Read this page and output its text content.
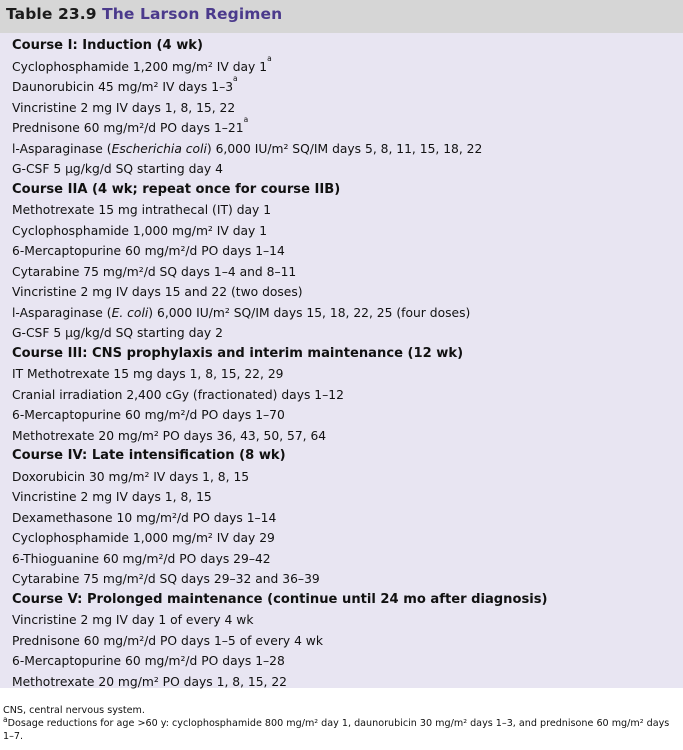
Table 23.9 The Larson Regimen
Course I: Induction (4 wk)
Cyclophosphamide 1,200 mg/m² IV day 1$^a$
Daunorubicin 45 mg/m² IV days 1–3$^a$
Vincristine 2 mg IV days 1, 8, 15, 22
Prednisone 60 mg/m²/d PO days 1–21$^a$
l-Asparaginase (Escherichia coli) 6,000 IU/m² SQ/IM days 5, 8, 11, 15, 18, 22
G-CSF 5 μg/kg/d SQ starting day 4
Course IIA (4 wk; repeat once for course IIB)
Methotrexate 15 mg intrathecal (IT) day 1
Cyclophosphamide 1,000 mg/m² IV day 1
6-Mercaptopurine 60 mg/m²/d PO days 1–14
Cytarabine 75 mg/m²/d SQ days 1–4 and 8–11
Vincristine 2 mg IV days 15 and 22 (two doses)
l-Asparaginase (E. coli) 6,000 IU/m² SQ/IM days 15, 18, 22, 25 (four doses)
G-CSF 5 μg/kg/d SQ starting day 2
Course III: CNS prophylaxis and interim maintenance (12 wk)
IT Methotrexate 15 mg days 1, 8, 15, 22, 29
Cranial irradiation 2,400 cGy (fractionated) days 1–12
6-Mercaptopurine 60 mg/m²/d PO days 1–70
Methotrexate 20 mg/m² PO days 36, 43, 50, 57, 64
Course IV: Late intensification (8 wk)
Doxorubicin 30 mg/m² IV days 1, 8, 15
Vincristine 2 mg IV days 1, 8, 15
Dexamethasone 10 mg/m²/d PO days 1–14
Cyclophosphamide 1,000 mg/m² IV day 29
6-Thioguanine 60 mg/m²/d PO days 29–42
Cytarabine 75 mg/m²/d SQ days 29–32 and 36–39
Course V: Prolonged maintenance (continue until 24 mo after diagnosis)
Vincristine 2 mg IV day 1 of every 4 wk
Prednisone 60 mg/m²/d PO days 1–5 of every 4 wk
6-Mercaptopurine 60 mg/m²/d PO days 1–28
Methotrexate 20 mg/m² PO days 1, 8, 15, 22
CNS, central nervous system.
$^a$Dosage reductions for age >60 y: cyclophosphamide 800 mg/m² day 1, daunorubicin 30 mg/m² days 1–3, and prednisone 60 mg/m² days 1–7.
